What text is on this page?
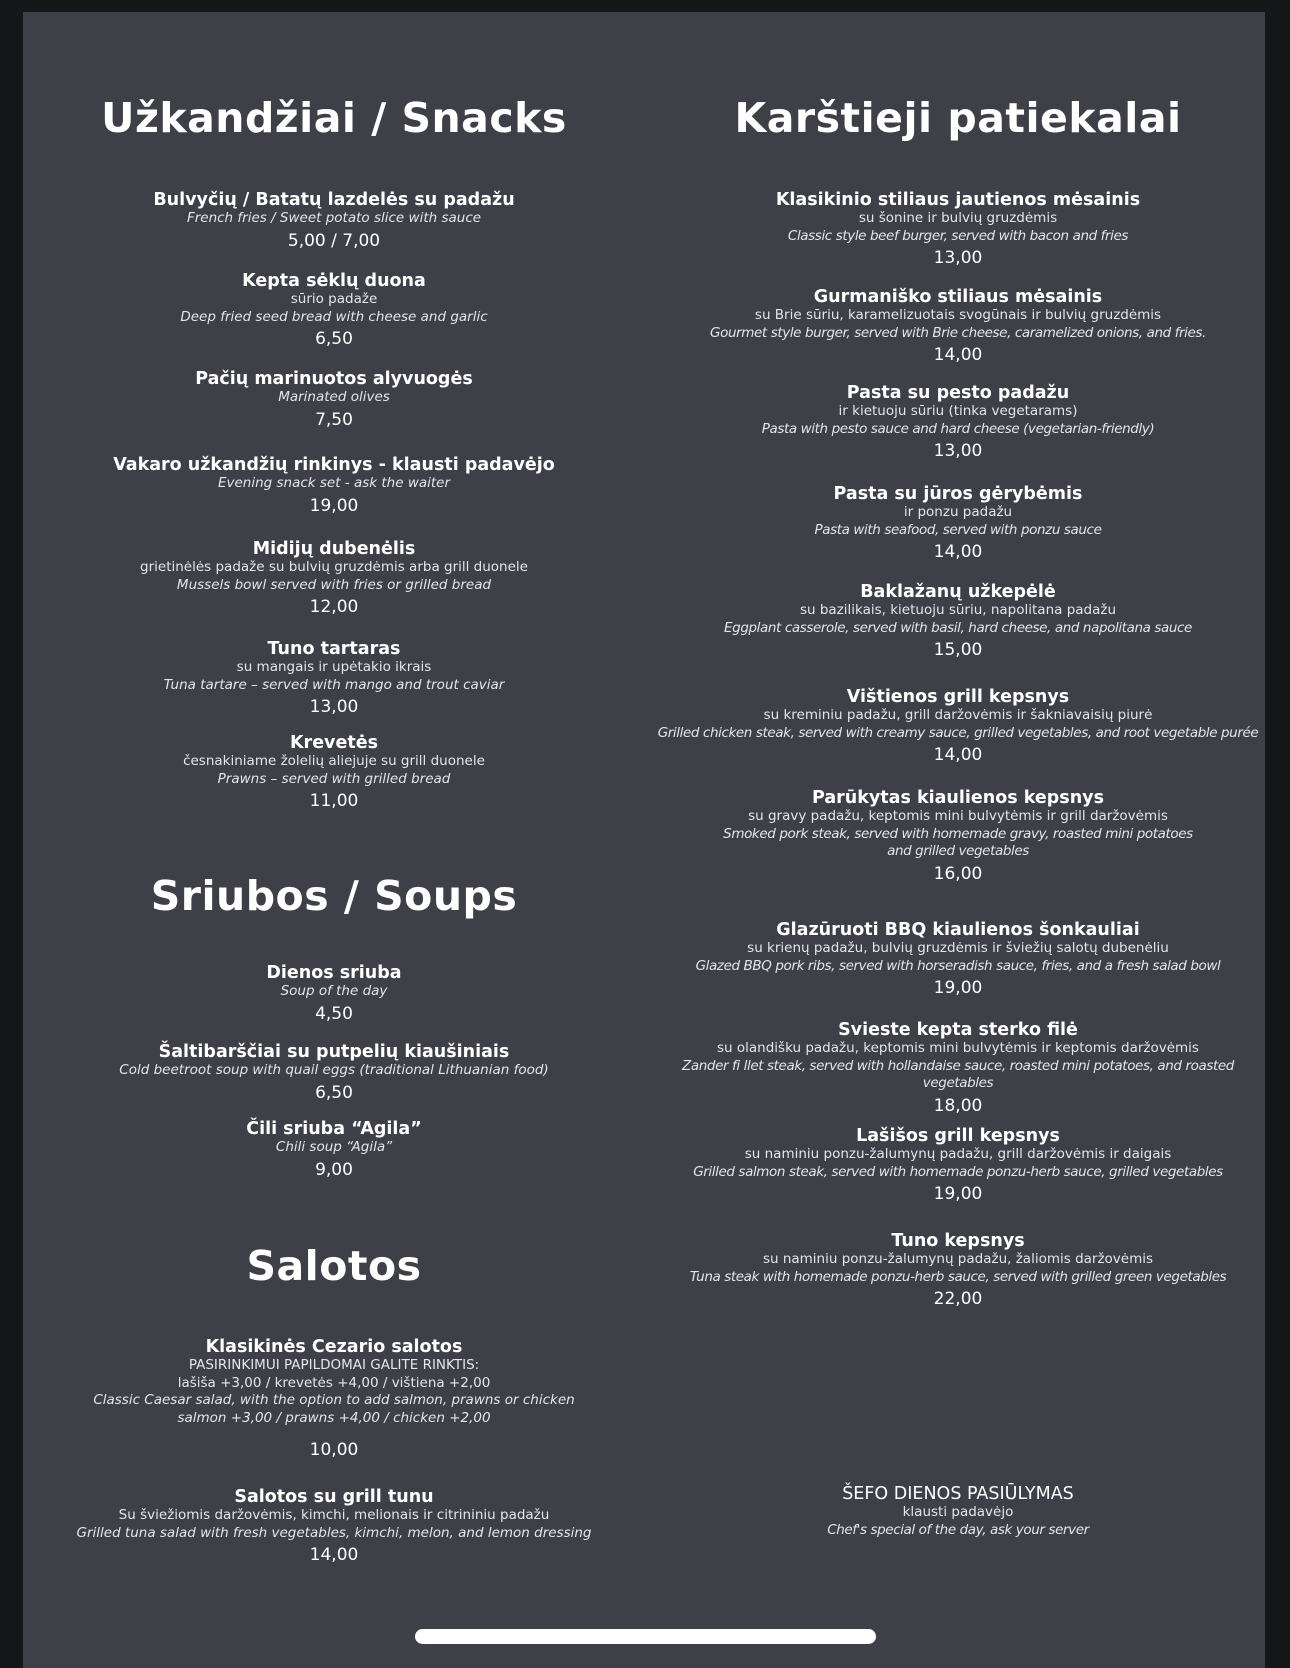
Užkandžiai / Snacks
Bulvyčių / Batatų lazdelės su padažu
French fries / Sweet potato slice with sauce
5,00 / 7,00
Kepta sėklų duona
sūrio padaže
Deep fried seed bread with cheese and garlic
6,50
Pačių marinuotos alyvuogės
Marinated olives
7,50
Vakaro užkandžių rinkinys - klausti padavėjo
Evening snack set - ask the waiter
19,00
Midijų dubenėlis
grietinėlės padaže su bulvių gruzdėmis arba grill duonele
Mussels bowl served with fries or grilled bread
12,00
Tuno tartaras
su mangais ir upėtakio ikrais
Tuna tartare – served with mango and trout caviar
13,00
Krevetės
česnakiniame žolelių aliejuje su grill duonele
Prawns – served with grilled bread
11,00
Sriubos / Soups
Dienos sriuba
Soup of the day
4,50
Šaltibarščiai su putpelių kiaušiniais
Cold beetroot soup with quail eggs (traditional Lithuanian food)
6,50
Čili sriuba “Agila”
Chili soup “Agila”
9,00
Salotos
Klasikinės Cezario salotos
PASIRINKIMUI PAPILDOMAI GALITE RINKTIS:
lašiša +3,00 / krevetės +4,00 / vištiena +2,00
Classic Caesar salad, with the option to add salmon, prawns or chicken
salmon +3,00 / prawns +4,00 / chicken +2,00
10,00
Salotos su grill tunu
Su šviežiomis daržovėmis, kimchi, melionais ir citrininiu padažu
Grilled tuna salad with fresh vegetables, kimchi, melon, and lemon dressing
14,00
Karštieji patiekalai
Klasikinio stiliaus jautienos mėsainis
su šonine ir bulvių gruzdėmis
Classic style beef burger, served with bacon and fries
13,00
Gurmaniško stiliaus mėsainis
su Brie sūriu, karamelizuotais svogūnais ir bulvių gruzdėmis
Gourmet style burger, served with Brie cheese, caramelized onions, and fries.
14,00
Pasta su pesto padažu
ir kietuoju sūriu (tinka vegetarams)
Pasta with pesto sauce and hard cheese (vegetarian-friendly)
13,00
Pasta su jūros gėrybėmis
ir ponzu padažu
Pasta with seafood, served with ponzu sauce
14,00
Baklažanų užkepėlė
su bazilikais, kietuoju sūriu, napolitana padažu
Eggplant casserole, served with basil, hard cheese, and napolitana sauce
15,00
Vištienos grill kepsnys
su kreminiu padažu, grill daržovėmis ir šakniavaisių piurė
Grilled chicken steak, served with creamy sauce, grilled vegetables, and root vegetable purée
14,00
Parūkytas kiaulienos kepsnys
su gravy padažu, keptomis mini bulvytėmis ir grill daržovėmis
Smoked pork steak, served with homemade gravy, roasted mini potatoes
and grilled vegetables
16,00
Glazūruoti BBQ kiaulienos šonkauliai
su krienų padažu, bulvių gruzdėmis ir šviežių salotų dubenėliu
Glazed BBQ pork ribs, served with horseradish sauce, fries, and a fresh salad bowl
19,00
Svieste kepta sterko filė
su olandišku padažu, keptomis mini bulvytėmis ir keptomis daržovėmis
Zander fi llet steak, served with hollandaise sauce, roasted mini potatoes, and roasted vegetables
18,00
Lašišos grill kepsnys
su naminiu ponzu-žalumynų padažu, grill daržovėmis ir daigais
Grilled salmon steak, served with homemade ponzu-herb sauce, grilled vegetables
19,00
Tuno kepsnys
su naminiu ponzu-žalumynų padažu, žaliomis daržovėmis
Tuna steak with homemade ponzu-herb sauce, served with grilled green vegetables
22,00
ŠEFO DIENOS PASIŪLYMAS
klausti padavėjo
Chef's special of the day, ask your server
